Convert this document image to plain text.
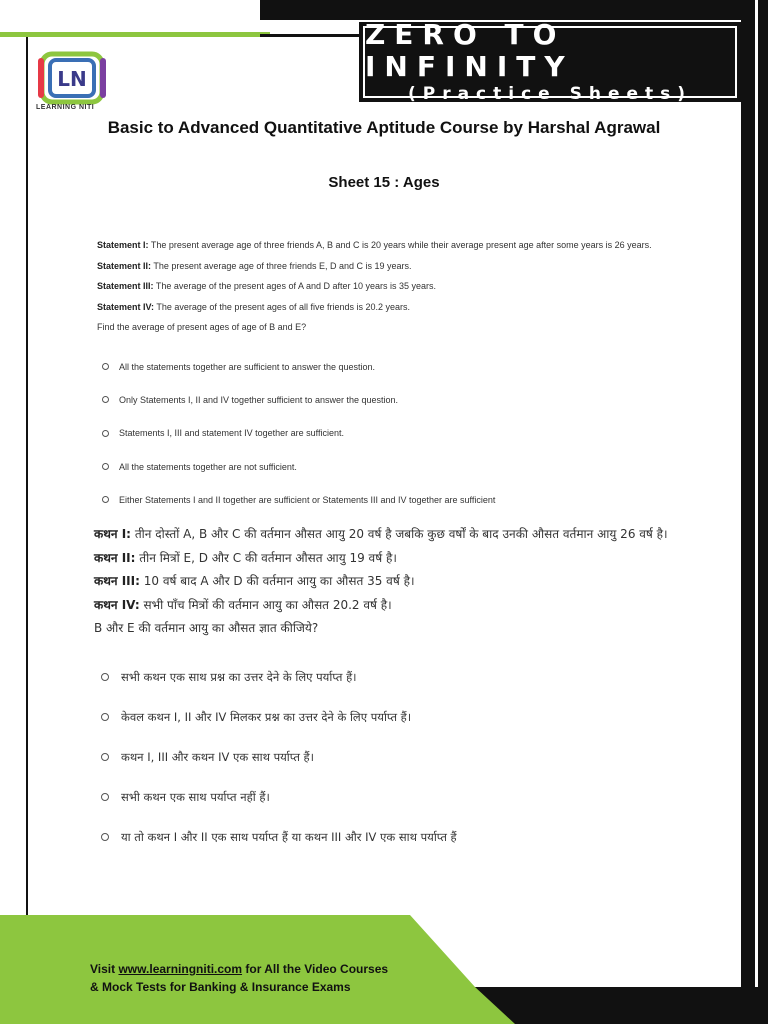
ZERO TO INFINITY
(Practice Sheets)
LN
LEARNING NITI
Basic to Advanced Quantitative Aptitude Course by Harshal Agrawal
Sheet 15 : Ages
Statement I: The present average age of three friends A, B and C is 20 years while their average present age after some years is 26 years.
Statement II: The present average age of three friends E, D and C is 19 years.
Statement III: The average of the present ages of A and D after 10 years is 35 years.
Statement IV: The average of the present ages of all five friends is 20.2 years.
Find the average of present ages of age of B and E?
All the statements together are sufficient to answer the question.
Only Statements I, II and IV together sufficient to answer the question.
Statements I, III and statement IV together are sufficient.
All the statements together are not sufficient.
Either Statements I and II together are sufficient or Statements III and IV together are sufficient
कथन I: तीन दोस्तों A, B और C की वर्तमान औसत आयु 20 वर्ष है जबकि कुछ वर्षों के बाद उनकी औसत वर्तमान आयु 26 वर्ष है।
कथन II: तीन मित्रों E, D और C की वर्तमान औसत आयु 19 वर्ष है।
कथन III: 10 वर्ष बाद A और D की वर्तमान आयु का औसत 35 वर्ष है।
कथन IV: सभी पाँच मित्रों की वर्तमान आयु का औसत 20.2 वर्ष है।
B और E की वर्तमान आयु का औसत ज्ञात कीजिये?
सभी कथन एक साथ प्रश्न का उत्तर देने के लिए पर्याप्त हैं।
केवल कथन I, II और IV मिलकर प्रश्न का उत्तर देने के लिए पर्याप्त हैं।
कथन I, III और कथन IV एक साथ पर्याप्त हैं।
सभी कथन एक साथ पर्याप्त नहीं हैं।
या तो कथन I और II एक साथ पर्याप्त हैं या कथन III और IV एक साथ पर्याप्त हैं
Visit www.learningniti.com for All the Video Courses
& Mock Tests for Banking & Insurance Exams
